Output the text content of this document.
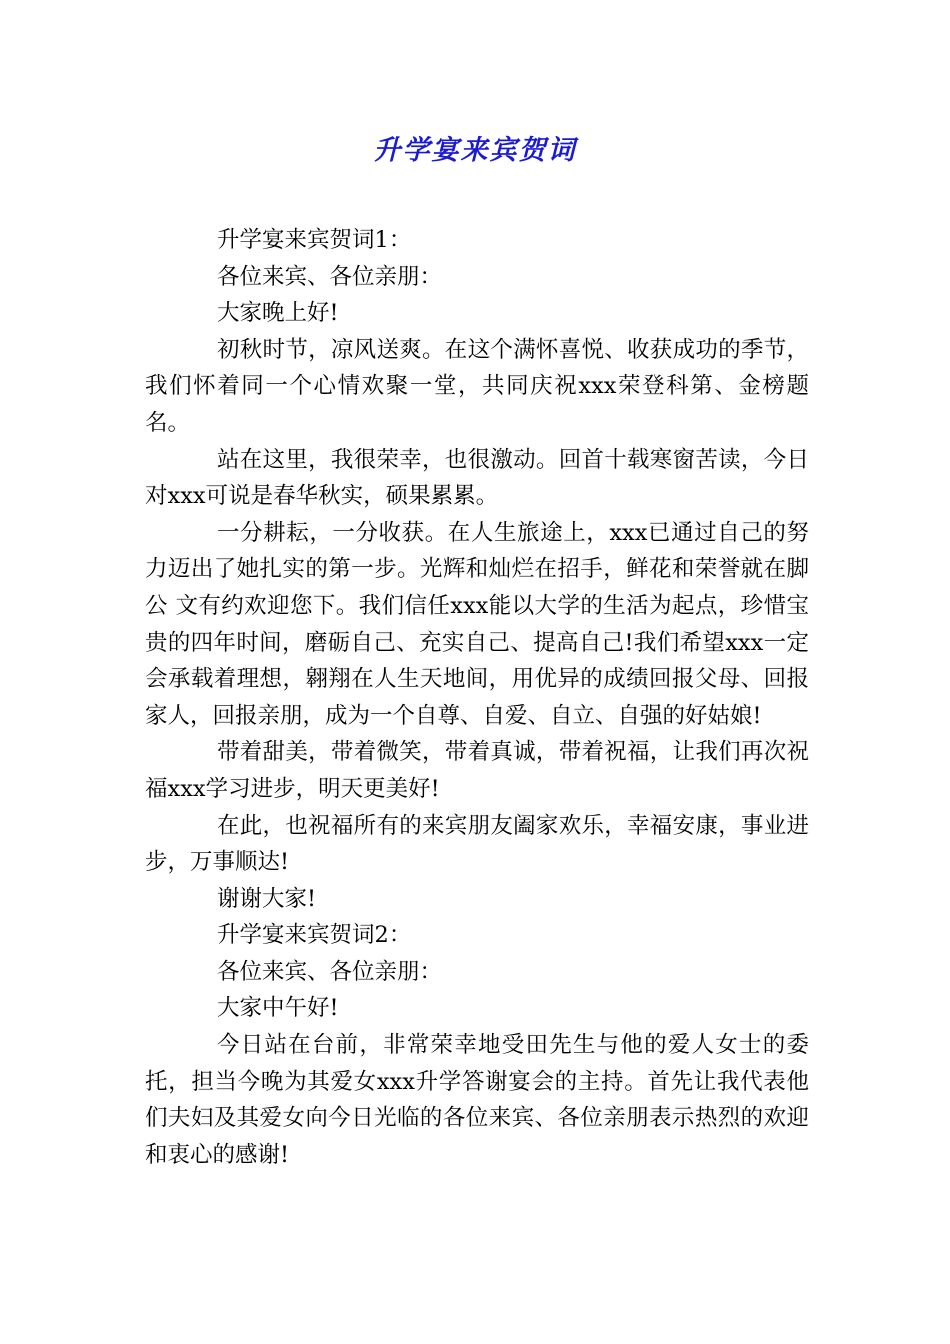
升学宴来宾贺词

升学宴来宾贺词1：

各位来宾、各位亲朋：

大家晚上好!

初秋时节，凉风送爽。在这个满怀喜悦、收获成功的季节，我们怀着同一个心情欢聚一堂，共同庆祝xxx荣登科第、金榜题名。

站在这里，我很荣幸，也很激动。回首十载寒窗苦读，今日对xxx可说是春华秋实，硕果累累。

一分耕耘，一分收获。在人生旅途上，xxx已通过自己的努力迈出了她扎实的第一步。光辉和灿烂在招手，鲜花和荣誉就在脚公 文有约欢迎您下。我们信任xxx能以大学的生活为起点，珍惜宝贵的四年时间，磨砺自己、充实自己、提高自己!我们希望xxx一定会承载着理想，翱翔在人生天地间，用优异的成绩回报父母、回报家人，回报亲朋，成为一个自尊、自爱、自立、自强的好姑娘!

带着甜美，带着微笑，带着真诚，带着祝福，让我们再次祝福xxx学习进步，明天更美好!

在此，也祝福所有的来宾朋友阖家欢乐，幸福安康，事业进步，万事顺达!

谢谢大家!

升学宴来宾贺词2：

各位来宾、各位亲朋：

大家中午好!

今日站在台前，非常荣幸地受田先生与他的爱人女士的委托，担当今晚为其爱女xxx升学答谢宴会的主持。首先让我代表他们夫妇及其爱女向今日光临的各位来宾、各位亲朋表示热烈的欢迎和衷心的感谢!
